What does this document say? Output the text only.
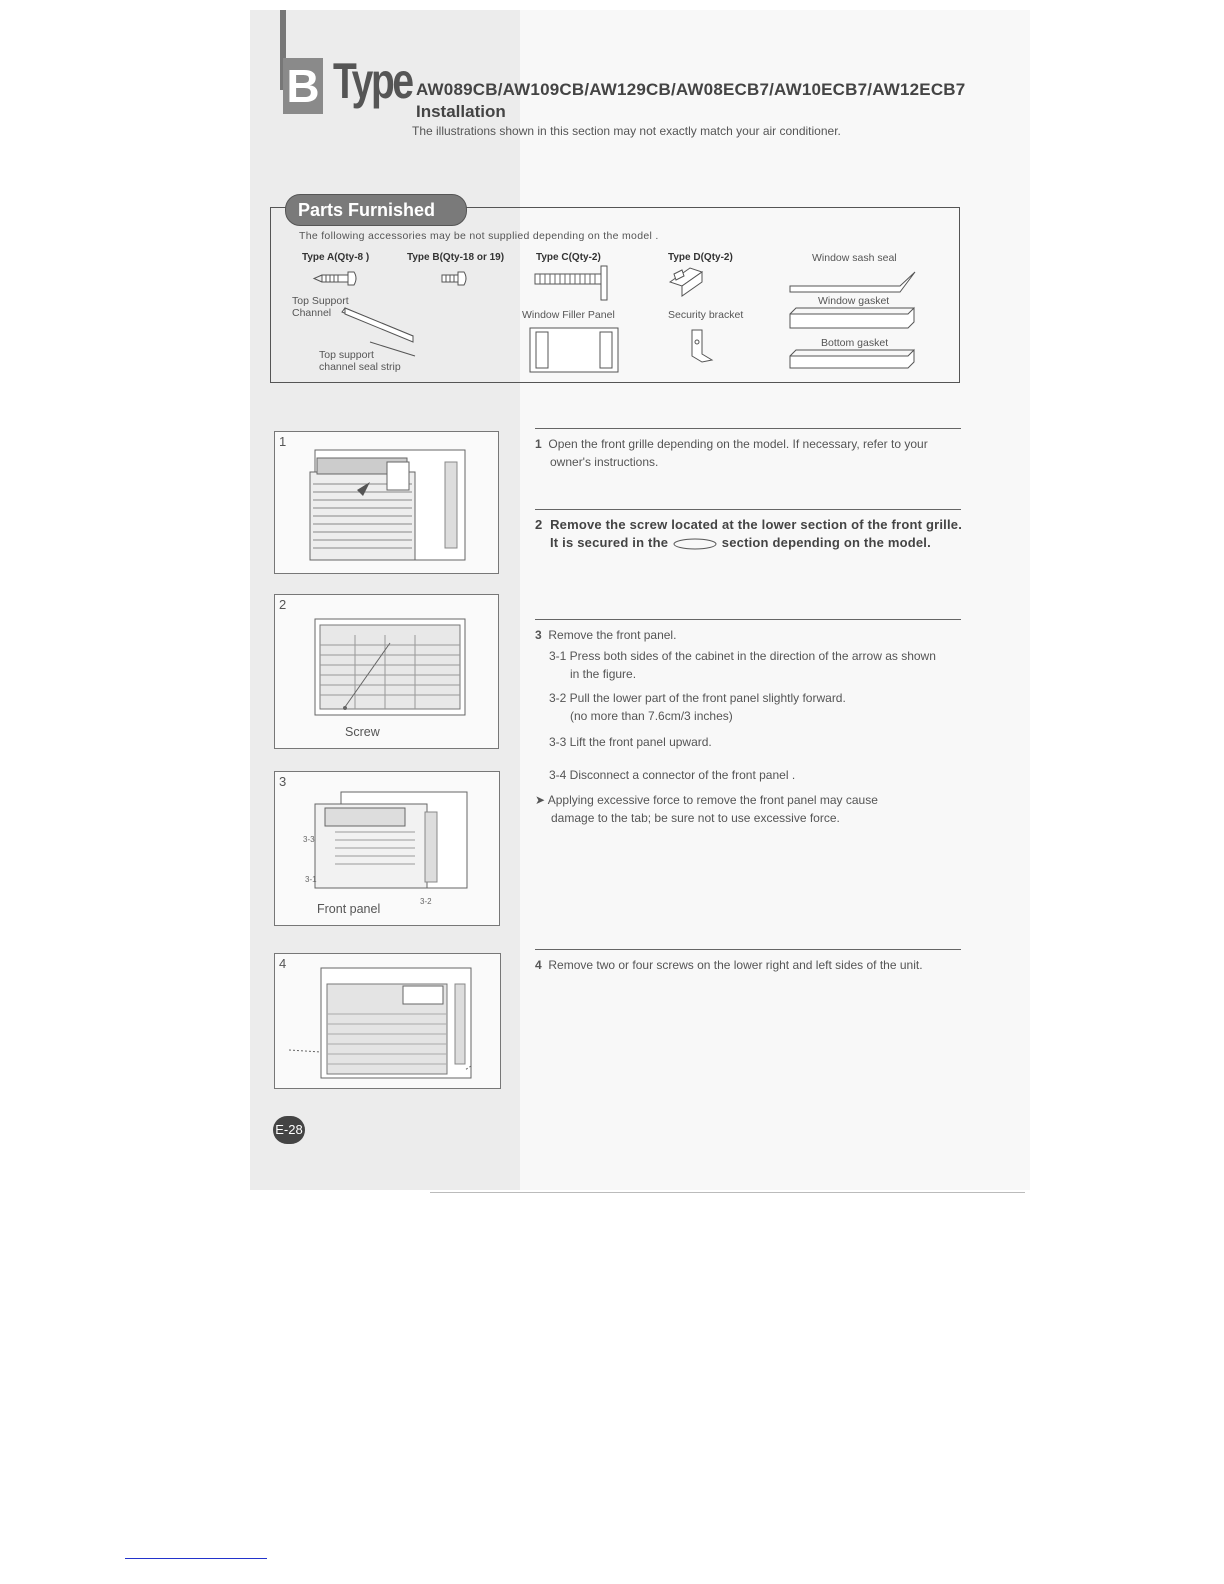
B Type AW089CB/AW109CB/AW129CB/AW08ECB7/AW10ECB7/AW12ECB7
Installation
The illustrations shown in this section may not exactly match your air conditioner.
Parts Furnished
The following accessories may be not supplied depending on the model .
Type A(Qty-8 )	Type B(Qty-18 or 19)	Type C(Qty-2)	Type D(Qty-2)	Window sash seal
Top Support
Channel	Window Filler Panel	Security bracket
Window gasket
Bottom gasket
Top support
channel seal strip
1
2
Screw
3
3-3
3-1
3-2
Front panel
4
1 Open the front grille depending on the model. If necessary, refer to your
owner's instructions.
2 Remove the screw located at the lower section of the front grille.
It is secured in the	section depending on the model.
3 Remove the front panel.
3-1 Press both sides of the cabinet in the direction of the arrow as shown
in the figure.
3-2 Pull the lower part of the front panel slightly forward.
(no more than 7.6cm/3 inches)
3-3 Lift the front panel upward.
3-4 Disconnect a connector of the front panel .
➤ Applying excessive force to remove the front panel may cause
damage to the tab; be sure not to use excessive force.
4 Remove two or four screws on the lower right and left sides of the unit.
E-28
